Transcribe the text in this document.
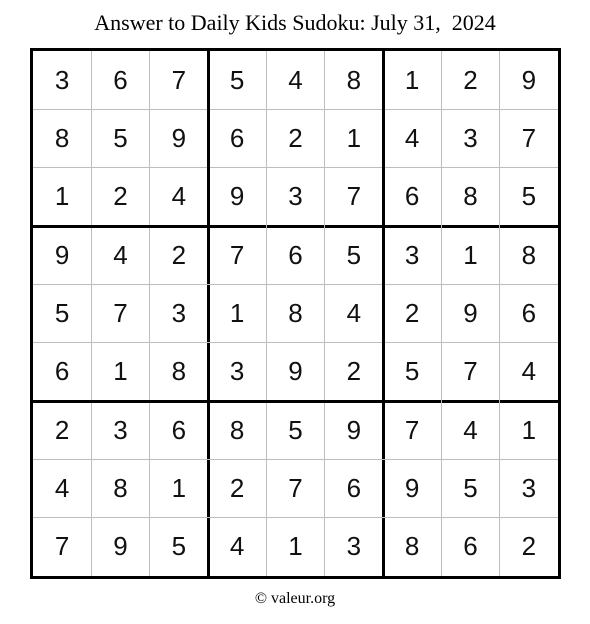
Answer to Daily Kids Sudoku: July 31,  2024
3	6	7	5	4	8	1	2	9
8	5	9	6	2	1	4	3	7
1	2	4	9	3	7	6	8	5
9	4	2	7	6	5	3	1	8
5	7	3	1	8	4	2	9	6
6	1	8	3	9	2	5	7	4
2	3	6	8	5	9	7	4	1
4	8	1	2	7	6	9	5	3
7	9	5	4	1	3	8	6	2
© valeur.org
